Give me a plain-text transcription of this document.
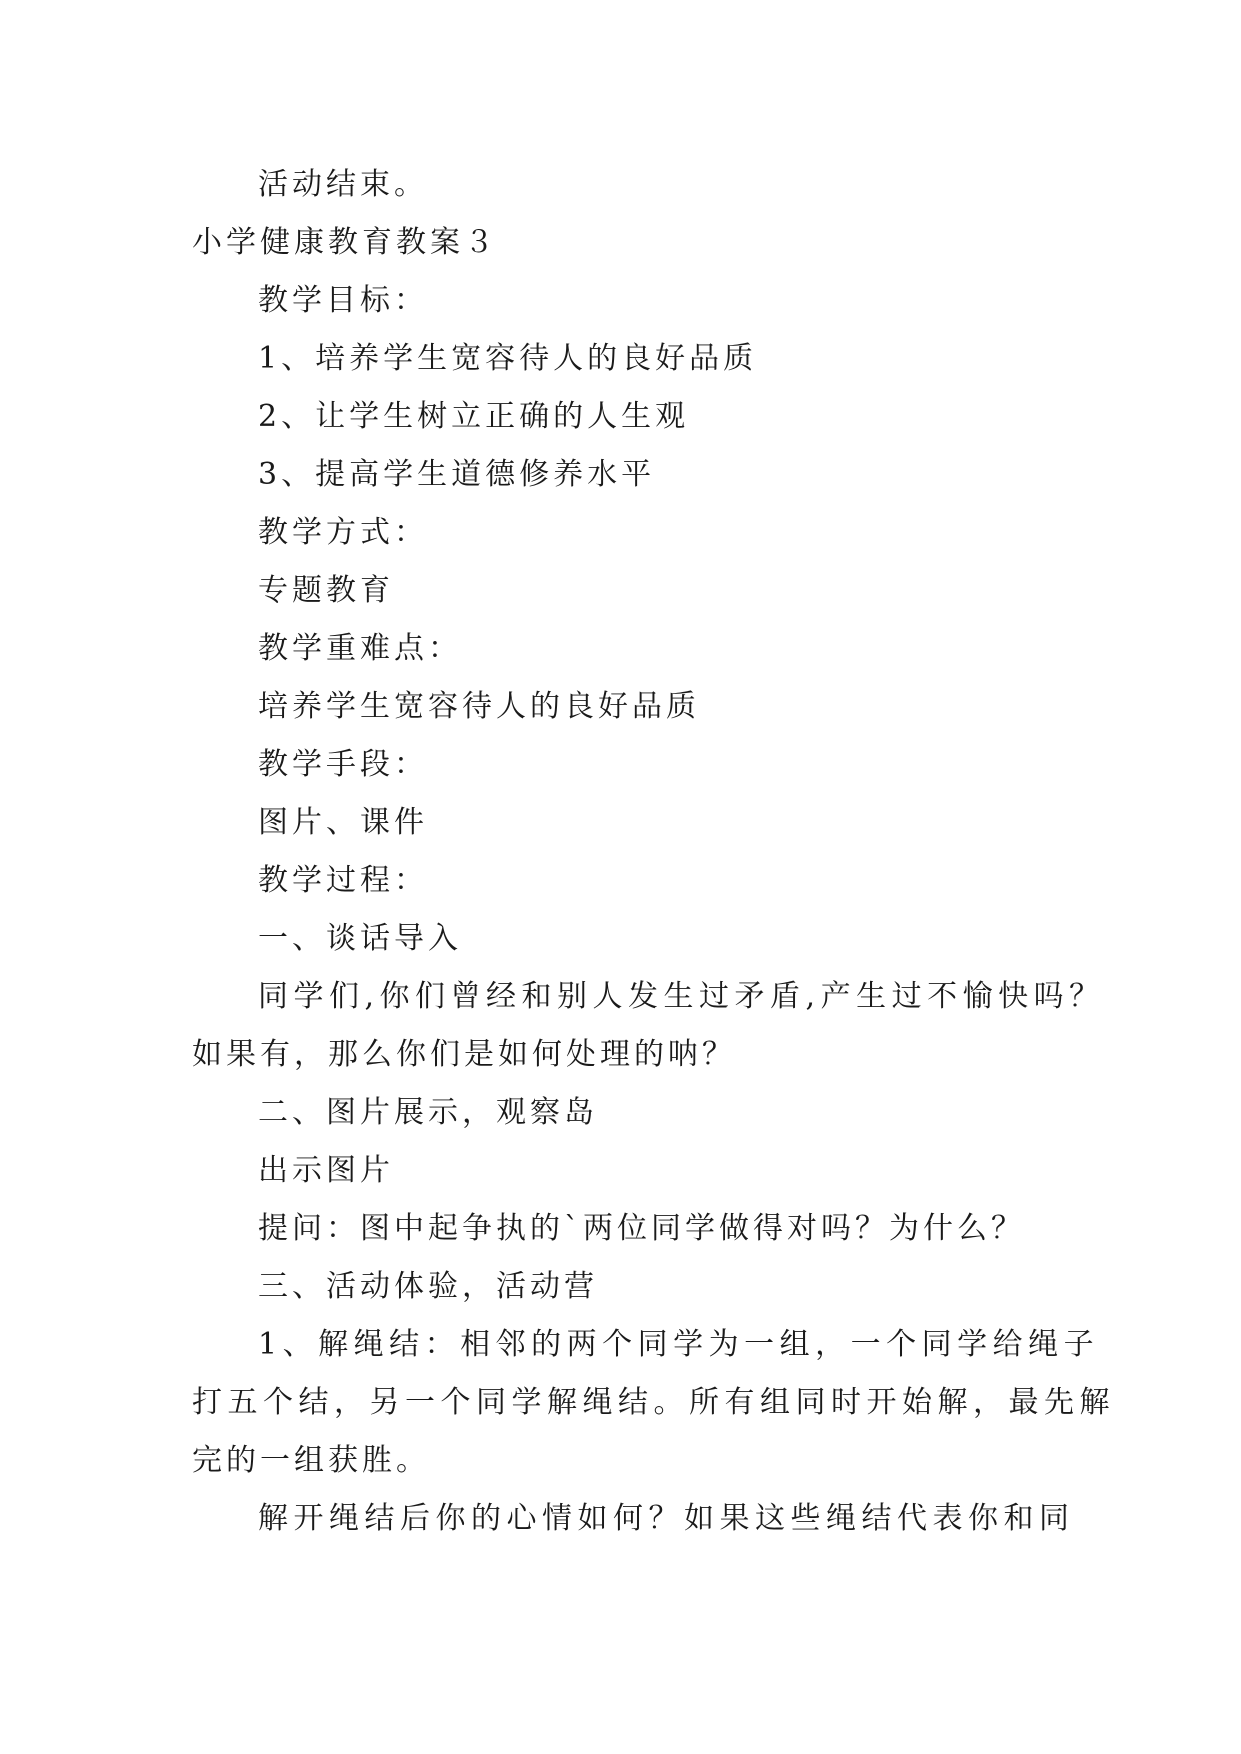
活动结束。
小学健康教育教案３
教学目标：
1、培养学生宽容待人的良好品质
2、让学生树立正确的人生观
3、提高学生道德修养水平
教学方式：
专题教育
教学重难点：
培养学生宽容待人的良好品质
教学手段：
图片、课件
教学过程：
一、谈话导入
同学们,你们曾经和别人发生过矛盾,产生过不愉快吗？
如果有，那么你们是如何处理的呐？
二、图片展示，观察岛
出示图片
提问：图中起争执的`两位同学做得对吗？为什么？
三、活动体验，活动营
1、解绳结：相邻的两个同学为一组，一个同学给绳子
打五个结，另一个同学解绳结。所有组同时开始解，最先解
完的一组获胜。
解开绳结后你的心情如何？如果这些绳结代表你和同
